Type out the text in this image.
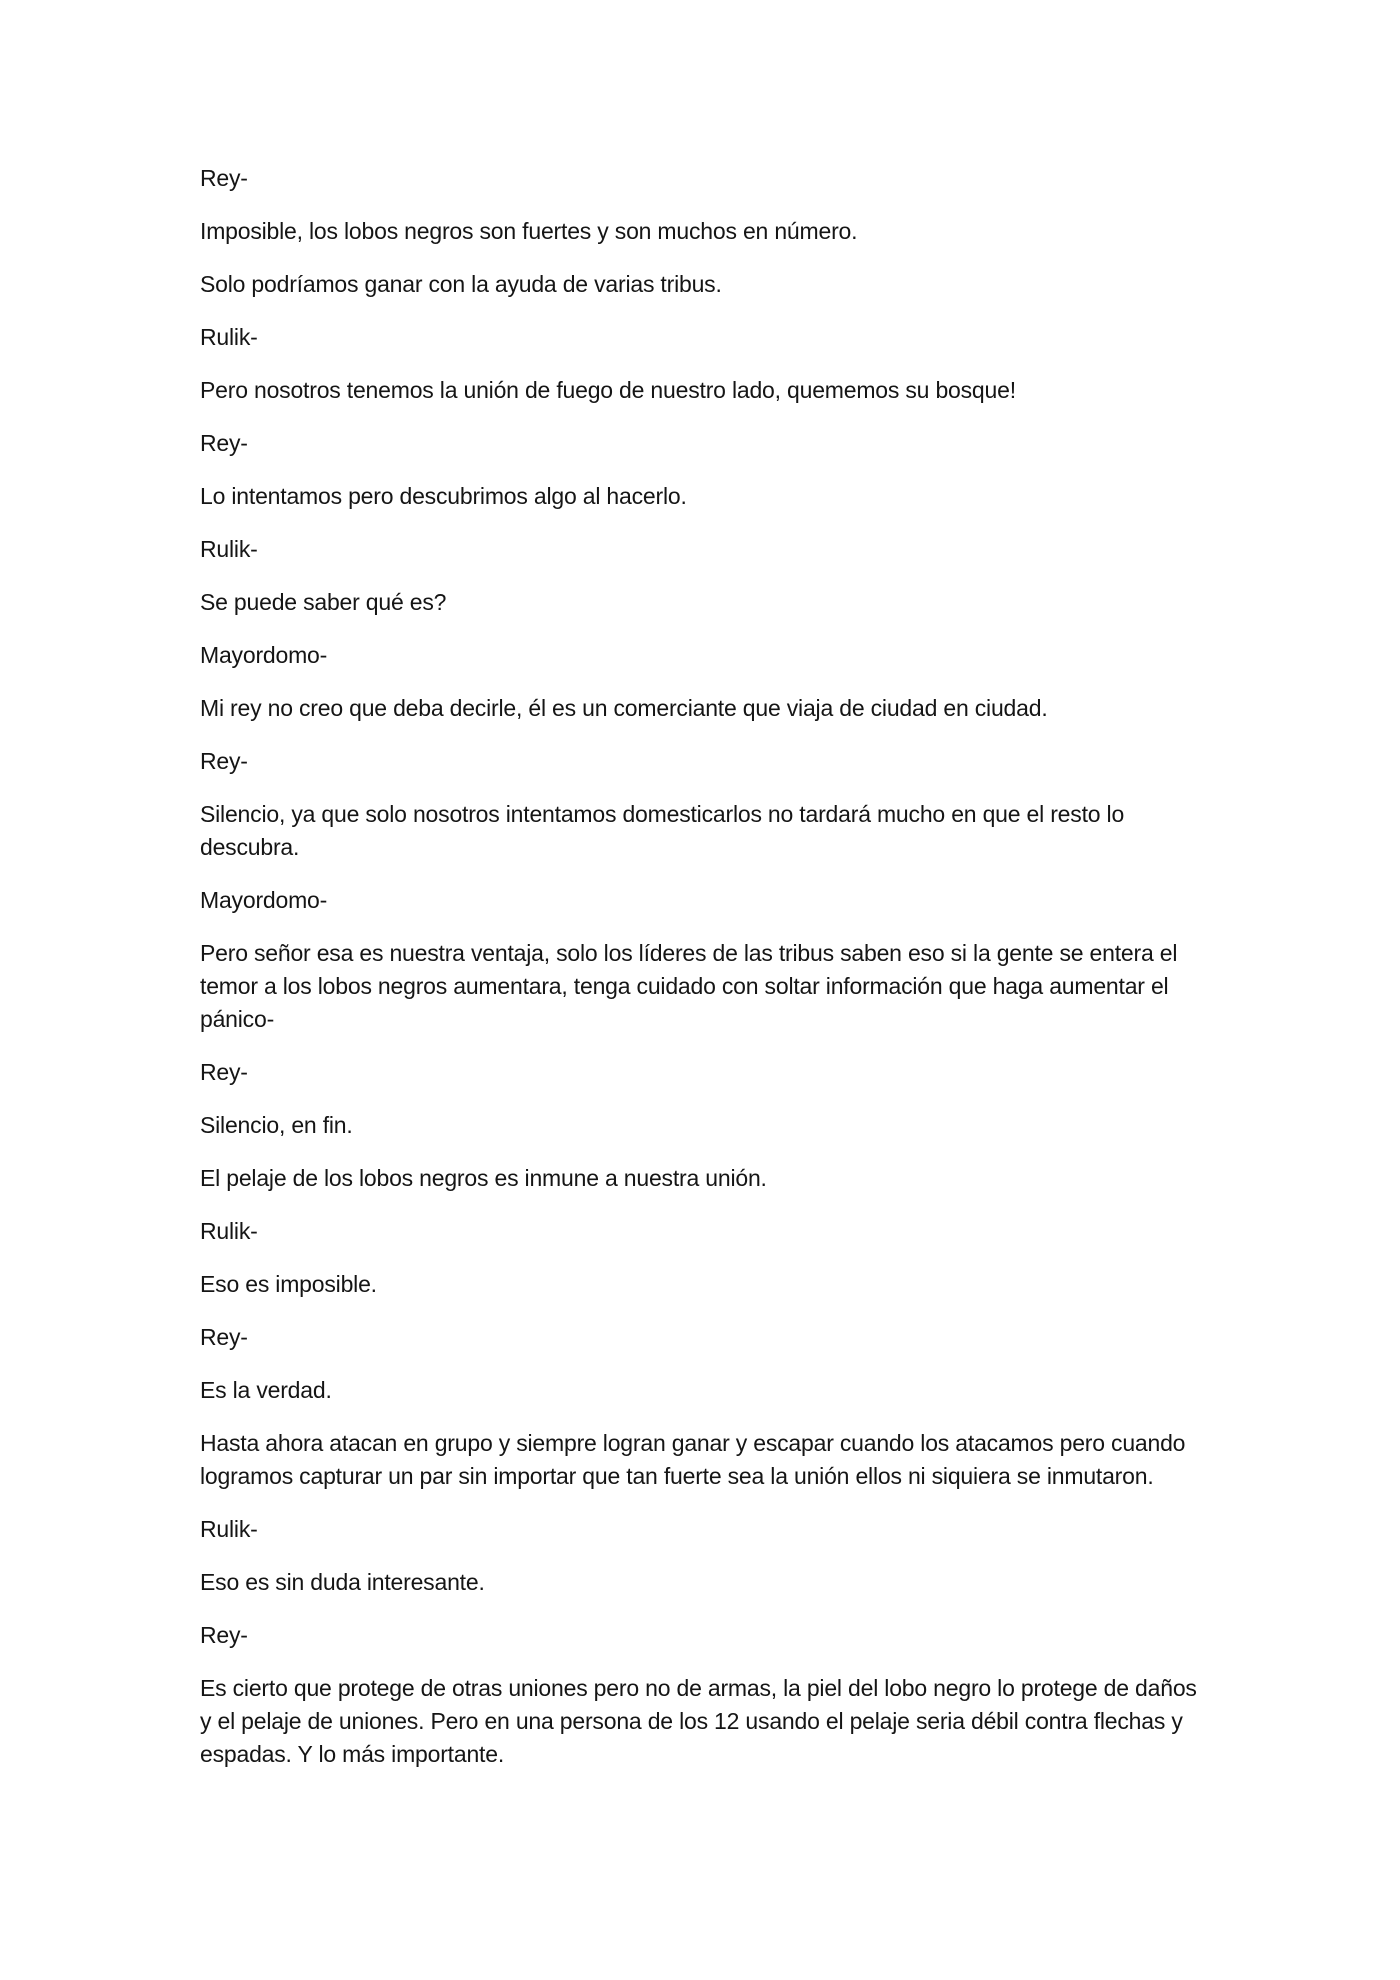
Rey-

Imposible, los lobos negros son fuertes y son muchos en número.

Solo podríamos ganar con la ayuda de varias tribus.

Rulik-

Pero nosotros tenemos la unión de fuego de nuestro lado, quememos su bosque!

Rey-

Lo intentamos pero descubrimos algo al hacerlo.

Rulik-

Se puede saber qué es?

Mayordomo-

Mi rey no creo que deba decirle, él es un comerciante que viaja de ciudad en ciudad.

Rey-

Silencio, ya que solo nosotros intentamos domesticarlos no tardará mucho en que el resto lo descubra.

Mayordomo-

Pero señor esa es nuestra ventaja, solo los líderes de las tribus saben eso si la gente se entera el temor a los lobos negros aumentara, tenga cuidado con soltar información que haga aumentar el pánico-

Rey-

Silencio, en fin.

El pelaje de los lobos negros es inmune a nuestra unión.

Rulik-

Eso es imposible.

Rey-

Es la verdad.

Hasta ahora atacan en grupo y siempre logran ganar y escapar cuando los atacamos pero cuando logramos capturar un par sin importar que tan fuerte sea la unión ellos ni siquiera se inmutaron.

Rulik-

Eso es sin duda interesante.

Rey-

Es cierto que protege de otras uniones pero no de armas, la piel del lobo negro lo protege de daños y el pelaje de uniones. Pero en una persona de los 12 usando el pelaje seria débil contra flechas y espadas. Y lo más importante.
